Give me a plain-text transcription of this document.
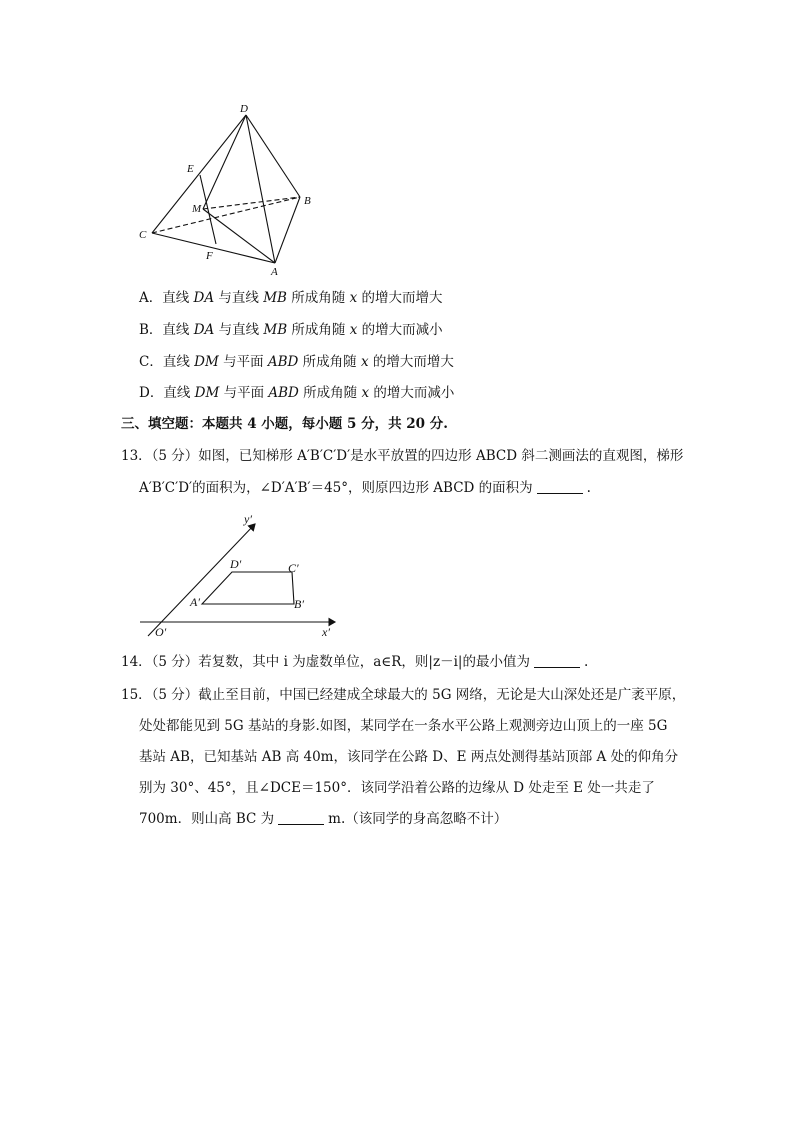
D
E
M
B
C
F
A
A．直线 DA 与直线 MB 所成角随 x 的增大而增大
B．直线 DA 与直线 MB 所成角随 x 的增大而减小
C．直线 DM 与平面 ABD 所成角随 x 的增大而增大
D．直线 DM 与平面 ABD 所成角随 x 的增大而减小
三、填空题：本题共 4 小题，每小题 5 分，共 20 分.
13．（5 分）如图，已知梯形 A′B′C′D′是水平放置的四边形 ABCD 斜二测画法的直观图，梯形
A′B′C′D′的面积为，∠D′A′B′＝45°，则原四边形 ABCD 的面积为	.
y′
D′	C′
A′	B′
O′	x′
14．（5 分）若复数，其中 i 为虚数单位，a∈R，则|z－i|的最小值为	.
15．（5 分）截止至目前，中国已经建成全球最大的 5G 网络，无论是大山深处还是广袤平原，
处处都能见到 5G 基站的身影.如图，某同学在一条水平公路上观测旁边山顶上的一座 5G
基站 AB，已知基站 AB 高 40m，该同学在公路 D、E 两点处测得基站顶部 A 处的仰角分
别为 30°、45°，且∠DCE＝150°．该同学沿着公路的边缘从 D 处走至 E 处一共走了
700m．则山高 BC 为	m.（该同学的身高忽略不计）
